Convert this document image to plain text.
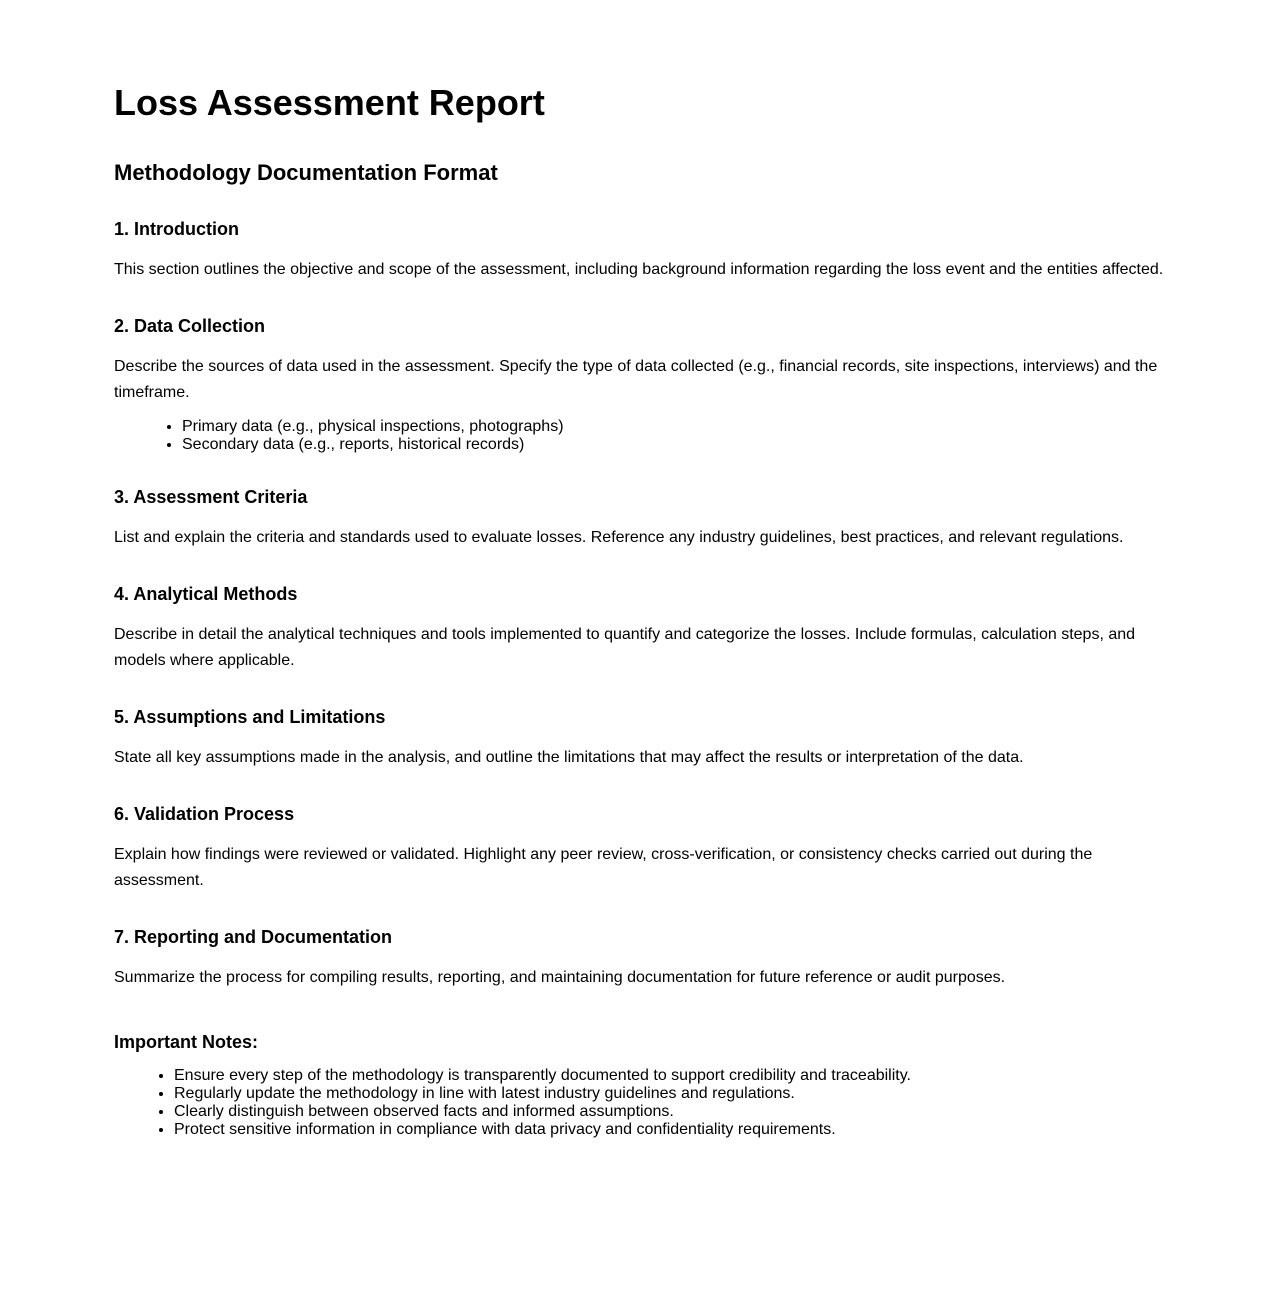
Loss Assessment Report
Methodology Documentation Format
1. Introduction

This section outlines the objective and scope of the assessment, including background information regarding the loss event and the entities affected.

2. Data Collection

Describe the sources of data used in the assessment. Specify the type of data collected (e.g., financial records, site inspections, interviews) and the timeframe.

• Primary data (e.g., physical inspections, photographs)
• Secondary data (e.g., reports, historical records)
3. Assessment Criteria

List and explain the criteria and standards used to evaluate losses. Reference any industry guidelines, best practices, and relevant regulations.

4. Analytical Methods

Describe in detail the analytical techniques and tools implemented to quantify and categorize the losses. Include formulas, calculation steps, and models where applicable.

5. Assumptions and Limitations

State all key assumptions made in the analysis, and outline the limitations that may affect the results or interpretation of the data.

6. Validation Process

Explain how findings were reviewed or validated. Highlight any peer review, cross-verification, or consistency checks carried out during the assessment.

7. Reporting and Documentation

Summarize the process for compiling results, reporting, and maintaining documentation for future reference or audit purposes.

Important Notes:
• Ensure every step of the methodology is transparently documented to support credibility and traceability.
• Regularly update the methodology in line with latest industry guidelines and regulations.
• Clearly distinguish between observed facts and informed assumptions.
• Protect sensitive information in compliance with data privacy and confidentiality requirements.
